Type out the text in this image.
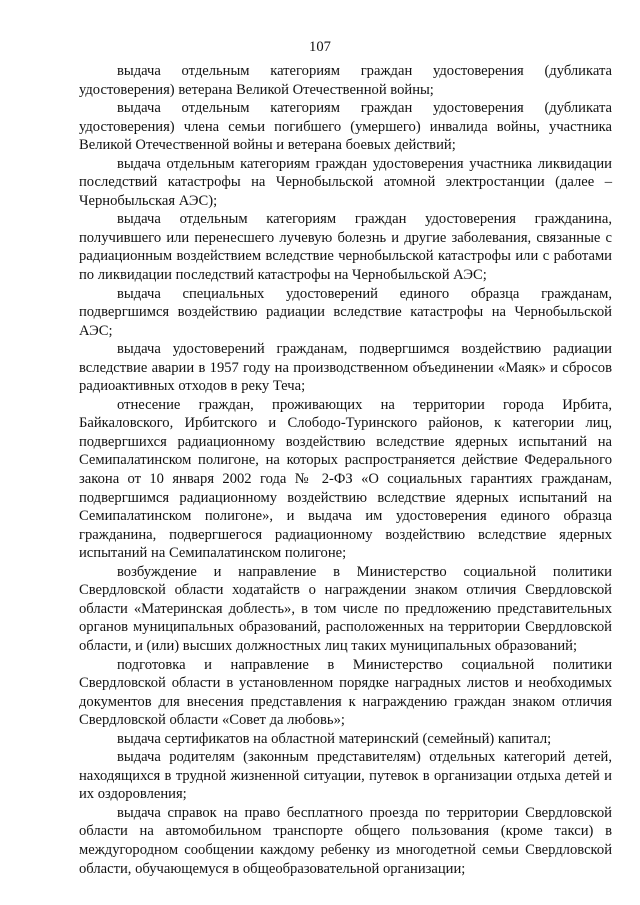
107

выдача отдельным категориям граждан удостоверения (дубликата удостоверения) ветерана Великой Отечественной войны;

выдача отдельным категориям граждан удостоверения (дубликата удостоверения) члена семьи погибшего (умершего) инвалида войны, участника Великой Отечественной войны и ветерана боевых действий;

выдача отдельным категориям граждан удостоверения участника ликвидации последствий катастрофы на Чернобыльской атомной электростанции (далее – Чернобыльская АЭС);

выдача отдельным категориям граждан удостоверения гражданина, получившего или перенесшего лучевую болезнь и другие заболевания, связанные с радиационным воздействием вследствие чернобыльской катастрофы или с работами по ликвидации последствий катастрофы на Чернобыльской АЭС;

выдача специальных удостоверений единого образца гражданам, подвергшимся воздействию радиации вследствие катастрофы на Чернобыльской АЭС;

выдача удостоверений гражданам, подвергшимся воздействию радиации вследствие аварии в 1957 году на производственном объединении «Маяк» и сбросов радиоактивных отходов в реку Теча;

отнесение граждан, проживающих на территории города Ирбита, Байкаловского, Ирбитского и Слободо-Туринского районов, к категории лиц, подвергшихся радиационному воздействию вследствие ядерных испытаний на Семипалатинском полигоне, на которых распространяется действие Федерального закона от 10 января 2002 года № 2-ФЗ «О социальных гарантиях гражданам, подвергшимся радиационному воздействию вследствие ядерных испытаний на Семипалатинском полигоне», и выдача им удостоверения единого образца гражданина, подвергшегося радиационному воздействию вследствие ядерных испытаний на Семипалатинском полигоне;

возбуждение и направление в Министерство социальной политики Свердловской области ходатайств о награждении знаком отличия Свердловской области «Материнская доблесть», в том числе по предложению представительных органов муниципальных образований, расположенных на территории Свердловской области, и (или) высших должностных лиц таких муниципальных образований;

подготовка и направление в Министерство социальной политики Свердловской области в установленном порядке наградных листов и необходимых документов для внесения представления к награждению граждан знаком отличия Свердловской области «Совет да любовь»;

выдача сертификатов на областной материнский (семейный) капитал;

выдача родителям (законным представителям) отдельных категорий детей, находящихся в трудной жизненной ситуации, путевок в организации отдыха детей и их оздоровления;

выдача справок на право бесплатного проезда по территории Свердловской области на автомобильном транспорте общего пользования (кроме такси) в междугородном сообщении каждому ребенку из многодетной семьи Свердловской области, обучающемуся в общеобразовательной организации;
